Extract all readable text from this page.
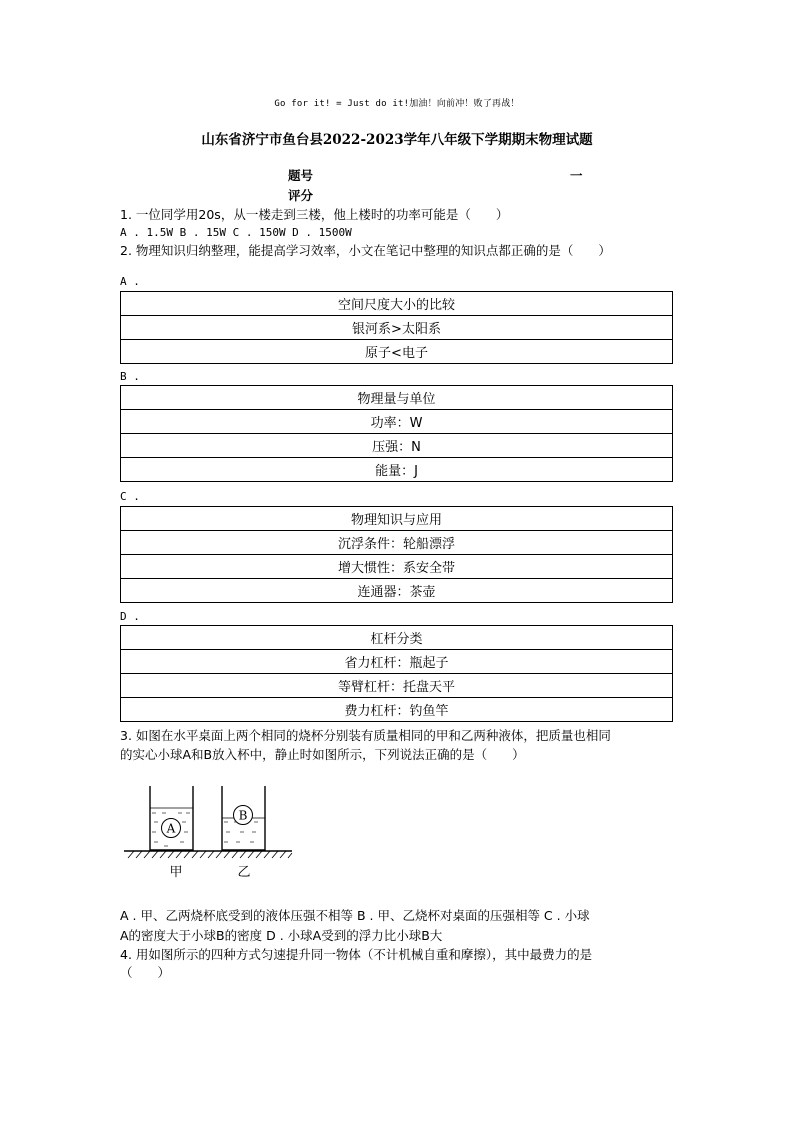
Go for it! = Just do it!加油！向前冲！败了再战！
山东省济宁市鱼台县2022-2023学年八年级下学期期末物理试题
题号	一
评分
1. 一位同学用20s，从一楼走到三楼，他上楼时的功率可能是（　　）
A . 1.5W B . 15W C . 150W D . 1500W
2. 物理知识归纳整理，能提高学习效率，小文在笔记中整理的知识点都正确的是（　　）
A .
空间尺度大小的比较
银河系>太阳系
原子<电子
B .
物理量与单位
功率：W
压强：N
能量：J
C .
物理知识与应用
沉浮条件：轮船漂浮
增大惯性：系安全带
连通器：茶壶
D .
杠杆分类
省力杠杆：瓶起子
等臂杠杆：托盘天平
费力杠杆：钓鱼竿
3. 如图在水平桌面上两个相同的烧杯分别装有质量相同的甲和乙两种液体，把质量也相同
的实心小球A和B放入杯中，静止时如图所示，下列说法正确的是（　　）
A
B
甲	乙
A . 甲、乙两烧杯底受到的液体压强不相等 B . 甲、乙烧杯对桌面的压强相等 C . 小球
A的密度大于小球B的密度 D . 小球A受到的浮力比小球B大
4. 用如图所示的四种方式匀速提升同一物体（不计机械自重和摩擦），其中最费力的是
（　　）
